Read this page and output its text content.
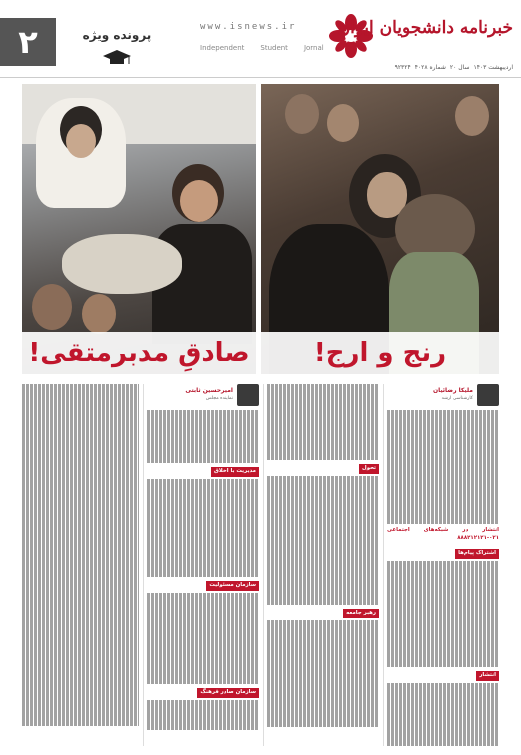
خبرنامه دانشجویان ایران
اردیبهشت ۱۴۰۳
سال ۲۰
شماره ۴۰۲۸
۹۲۳۲۴
www.isnews.ir
Independent Student Jornal
پرونده ویژه
۲
رنج و ارج!
صادقِ مدبرمتقی!
ملیکا رضائیان
کارشناسی ارشد
انتشار در شبکه‌های اجتماعی ۰۲۱-۸۸۸۲۱۲۱۲۱
اشتراک پیام‌ها
انتشار
تحول
رهبر جامعه
امیرحسین ثابتی
نماینده مجلس
مدیریت با اخلاق
سازمان مسئولیت
سازمان صادر فرهنگ
